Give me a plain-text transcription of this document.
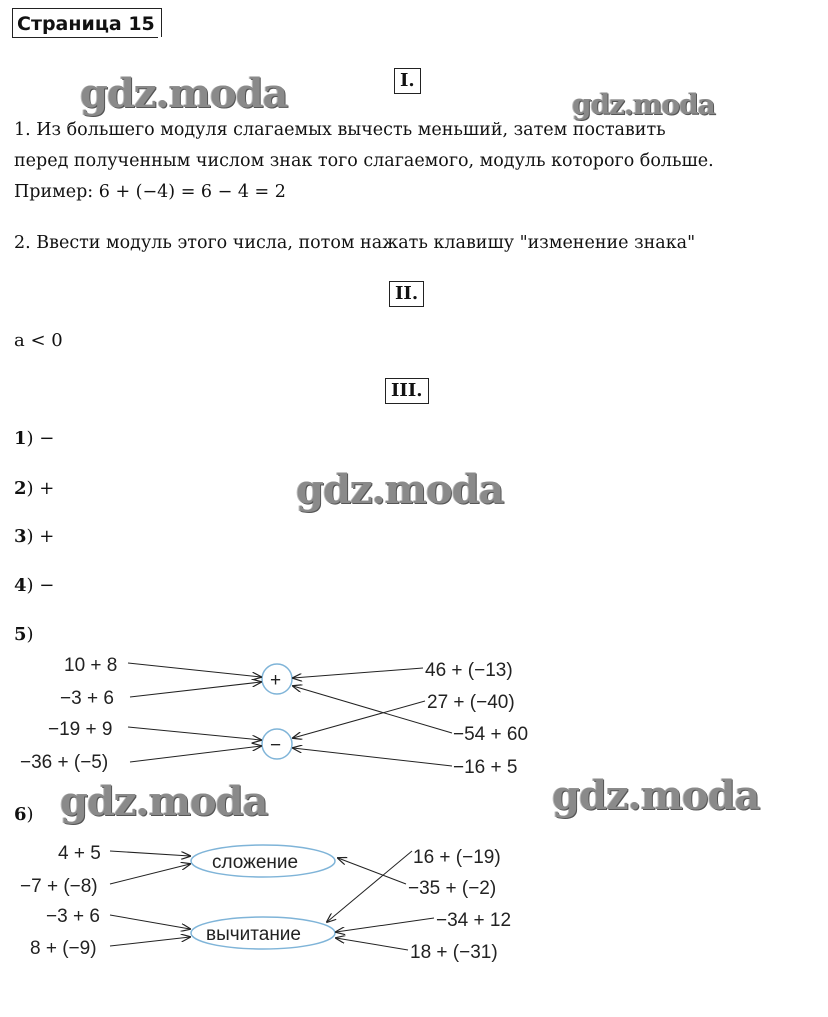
Страница 15
gdz.moda	gdz.moda
gdz.moda
gdz.moda	gdz.moda
I.
1. Из большего модуля слагаемых вычесть меньший, затем поставить
перед полученным числом знак того слагаемого, модуль которого больше.
Пример: 6 + (−4) = 6 − 4 = 2
2. Ввести модуль этого числа, потом нажать клавишу "изменение знака"
II.
a < 0
III.
1) −
2) +
3) +
4) −
5)
6)
10 + 8
−3 + 6
−19 + 9
−36 + (−5)
46 + (−13)
27 + (−40)
−54 + 60
−16 + 5
+
−
4 + 5
−7 + (−8)
−3 + 6
8 + (−9)
16 + (−19)
−35 + (−2)
−34 + 12
18 + (−31)
сложение
вычитание
